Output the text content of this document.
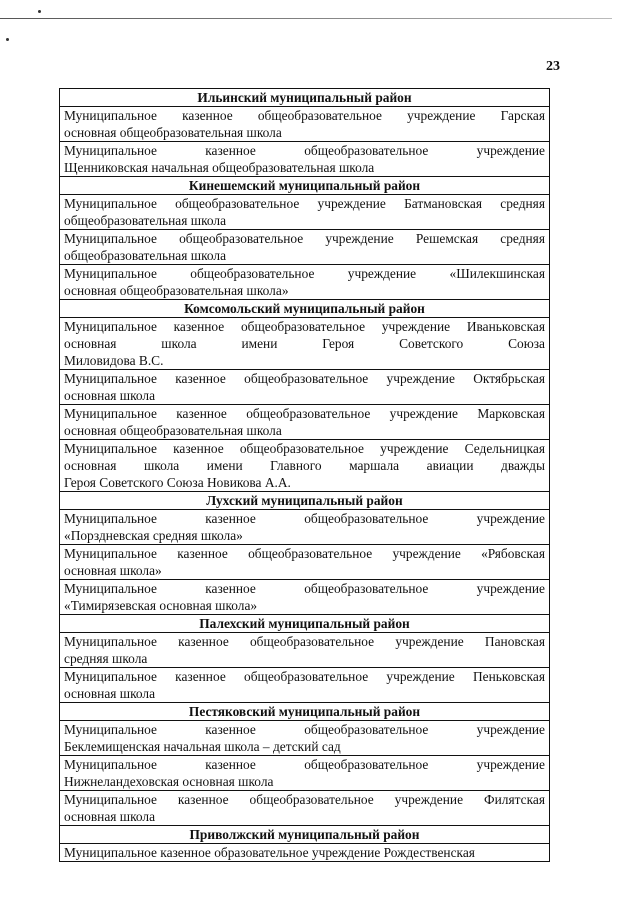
23
Ильинский муниципальный район
Муниципальное казенное общеобразовательное учреждение Гарская
основная общеобразовательная школа

Муниципальное казенное общеобразовательное учреждение
Щенниковская начальная общеобразовательная школа

Кинешемский муниципальный район
Муниципальное общеобразовательное учреждение Батмановская средняя
общеобразовательная школа

Муниципальное общеобразовательное учреждение Решемская средняя
общеобразовательная школа

Муниципальное общеобразовательное учреждение «Шилекшинская
основная общеобразовательная школа»

Комсомольский муниципальный район
Муниципальное казенное общеобразовательное учреждение Иваньковская основная школа имени Героя Советского Союза
Миловидова В.С.

Муниципальное казенное общеобразовательное учреждение Октябрьская
основная школа

Муниципальное казенное общеобразовательное учреждение Марковская
основная общеобразовательная школа

Муниципальное казенное общеобразовательное учреждение Седельницкая основная школа имени Главного маршала авиации дважды
Героя Советского Союза Новикова А.А.

Лухский муниципальный район
Муниципальное казенное общеобразовательное учреждение
«Порздневская средняя школа»

Муниципальное казенное общеобразовательное учреждение «Рябовская
основная школа»

Муниципальное казенное общеобразовательное учреждение
«Тимирязевская основная школа»

Палехский муниципальный район
Муниципальное казенное общеобразовательное учреждение Пановская
средняя школа

Муниципальное казенное общеобразовательное учреждение Пеньковская
основная школа

Пестяковский муниципальный район
Муниципальное казенное общеобразовательное учреждение
Беклемищенская начальная школа – детский сад

Муниципальное казенное общеобразовательное учреждение
Нижнеландеховская основная школа

Муниципальное казенное общеобразовательное учреждение Филятская
основная школа

Приволжский муниципальный район
Муниципальное казенное образовательное учреждение Рождественская
